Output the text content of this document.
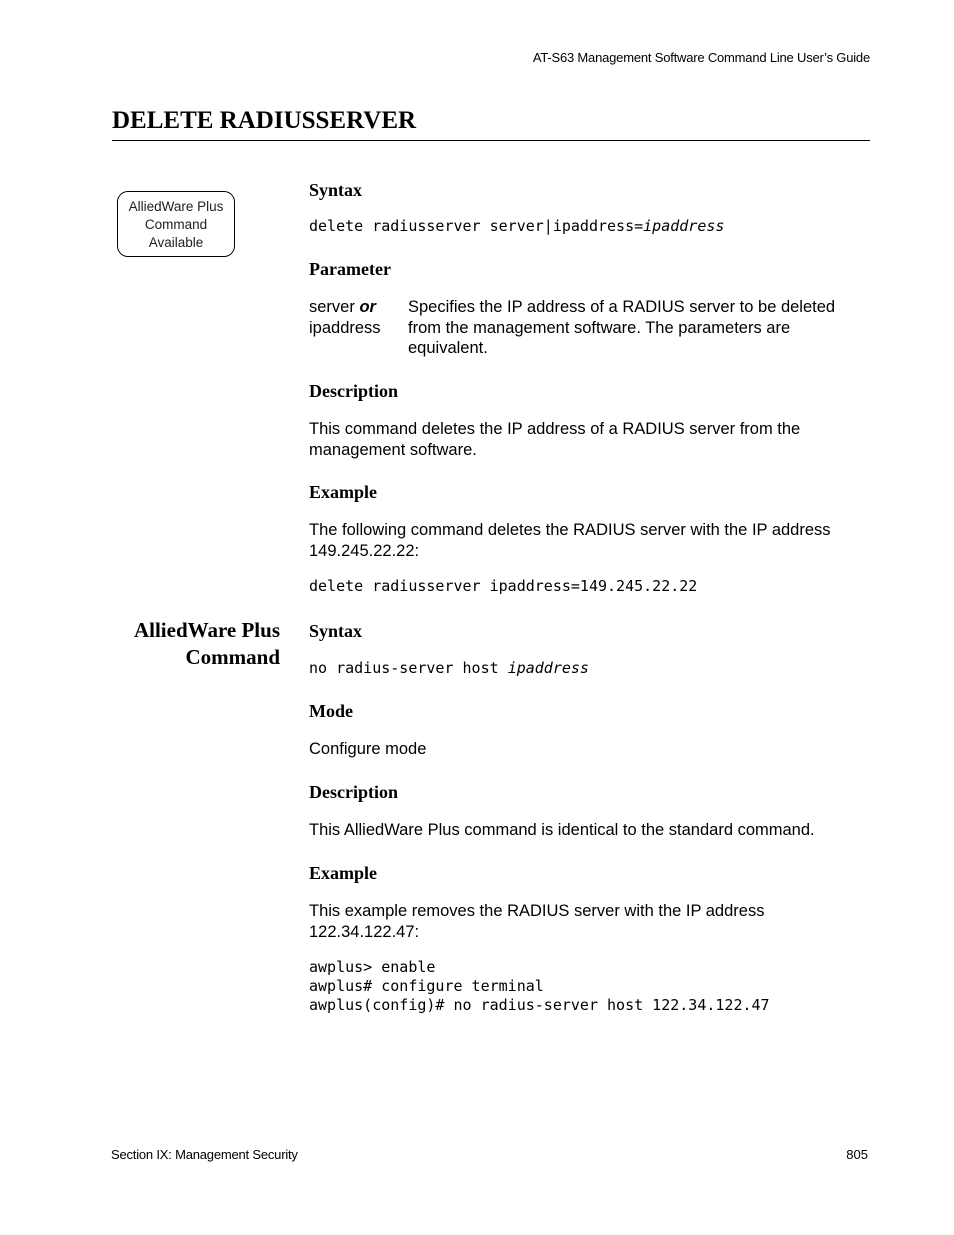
AT-S63 Management Software Command Line User’s Guide
DELETE RADIUSSERVER
AlliedWare Plus
Command
Available
Syntax
delete radiusserver server|ipaddress=ipaddress
Parameter
server or
ipaddress
Specifies the IP address of a RADIUS server to be deleted from the management software. The parameters are equivalent.
Description
This command deletes the IP address of a RADIUS server from the management software.
Example
The following command deletes the RADIUS server with the IP address 149.245.22.22:
delete radiusserver ipaddress=149.245.22.22
AlliedWare Plus
Command
Syntax
no radius-server host ipaddress
Mode
Configure mode
Description
This AlliedWare Plus command is identical to the standard command.
Example
This example removes the RADIUS server with the IP address 122.34.122.47:
awplus> enable
awplus# configure terminal
awplus(config)# no radius-server host 122.34.122.47
Section IX: Management Security	805
